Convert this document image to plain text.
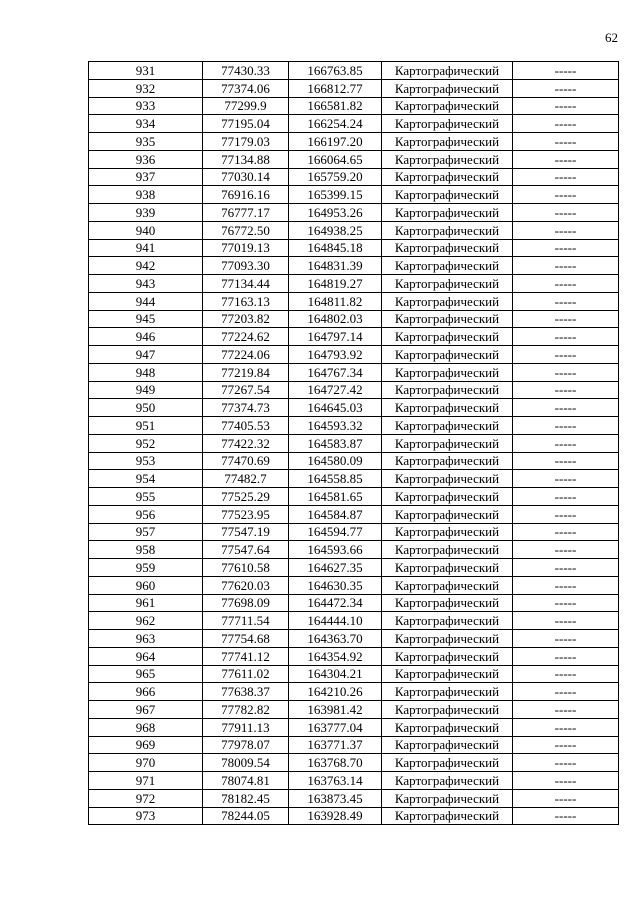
62
931	77430.33	166763.85	Картографический	-----
932	77374.06	166812.77	Картографический	-----
933	77299.9	166581.82	Картографический	-----
934	77195.04	166254.24	Картографический	-----
935	77179.03	166197.20	Картографический	-----
936	77134.88	166064.65	Картографический	-----
937	77030.14	165759.20	Картографический	-----
938	76916.16	165399.15	Картографический	-----
939	76777.17	164953.26	Картографический	-----
940	76772.50	164938.25	Картографический	-----
941	77019.13	164845.18	Картографический	-----
942	77093.30	164831.39	Картографический	-----
943	77134.44	164819.27	Картографический	-----
944	77163.13	164811.82	Картографический	-----
945	77203.82	164802.03	Картографический	-----
946	77224.62	164797.14	Картографический	-----
947	77224.06	164793.92	Картографический	-----
948	77219.84	164767.34	Картографический	-----
949	77267.54	164727.42	Картографический	-----
950	77374.73	164645.03	Картографический	-----
951	77405.53	164593.32	Картографический	-----
952	77422.32	164583.87	Картографический	-----
953	77470.69	164580.09	Картографический	-----
954	77482.7	164558.85	Картографический	-----
955	77525.29	164581.65	Картографический	-----
956	77523.95	164584.87	Картографический	-----
957	77547.19	164594.77	Картографический	-----
958	77547.64	164593.66	Картографический	-----
959	77610.58	164627.35	Картографический	-----
960	77620.03	164630.35	Картографический	-----
961	77698.09	164472.34	Картографический	-----
962	77711.54	164444.10	Картографический	-----
963	77754.68	164363.70	Картографический	-----
964	77741.12	164354.92	Картографический	-----
965	77611.02	164304.21	Картографический	-----
966	77638.37	164210.26	Картографический	-----
967	77782.82	163981.42	Картографический	-----
968	77911.13	163777.04	Картографический	-----
969	77978.07	163771.37	Картографический	-----
970	78009.54	163768.70	Картографический	-----
971	78074.81	163763.14	Картографический	-----
972	78182.45	163873.45	Картографический	-----
973	78244.05	163928.49	Картографический	-----
